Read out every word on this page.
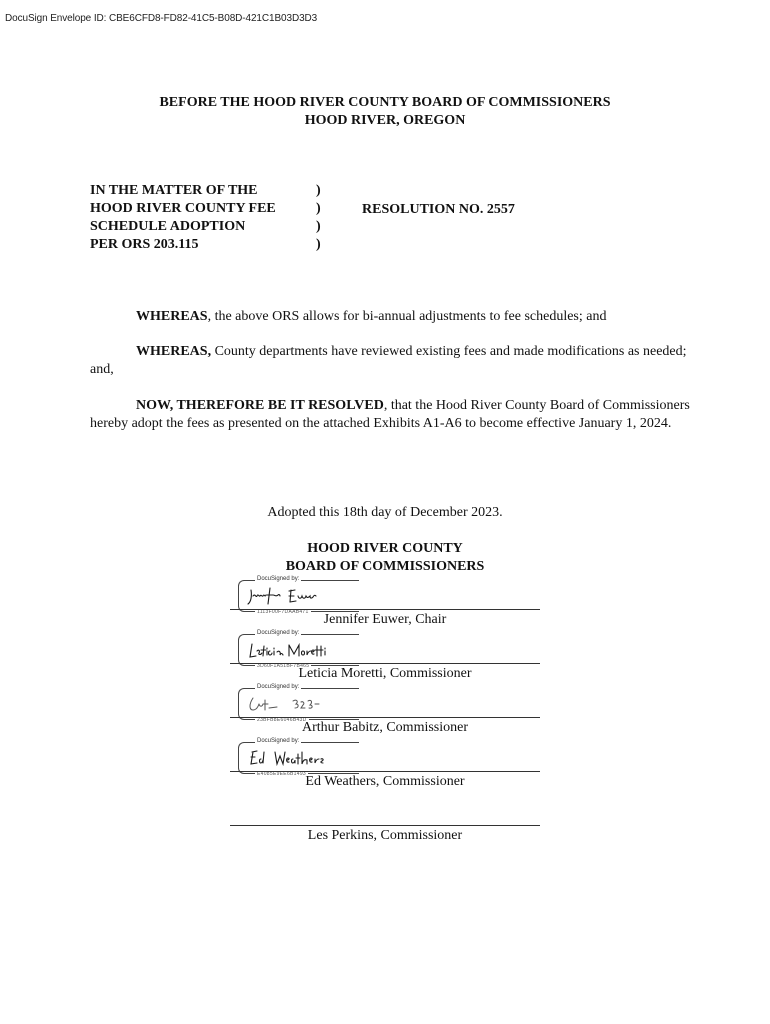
DocuSign Envelope ID: CBE6CFD8-FD82-41C5-B08D-421C1B03D3D3
BEFORE THE HOOD RIVER COUNTY BOARD OF COMMISSIONERS
HOOD RIVER, OREGON
IN THE MATTER OF THE
HOOD RIVER COUNTY FEE
SCHEDULE ADOPTION
PER ORS 203.115
)
)
)
)
RESOLUTION NO. 2557
WHEREAS, the above ORS allows for bi-annual adjustments to fee schedules; and
WHEREAS, County departments have reviewed existing fees and made modifications as needed; and,
NOW, THEREFORE BE IT RESOLVED, that the Hood River County Board of Commissioners hereby adopt the fees as presented on the attached Exhibits A1-A6 to become effective January 1, 2024.
Adopted this 18th day of December 2023.
HOOD RIVER COUNTY
BOARD OF COMMISSIONERS
DocuSigned by:
1113F00F7DAAB471	Jennifer Euwer, Chair
DocuSigned by:
3D60F1A51BF7B465
Leticia Moretti, Commissioner
DocuSigned by:
23BFB8E6046B43D
Arthur Babitz, Commissioner
DocuSigned by:
E4085E9EE6B1493 Ed Weathers, Commissioner
Les Perkins, Commissioner
